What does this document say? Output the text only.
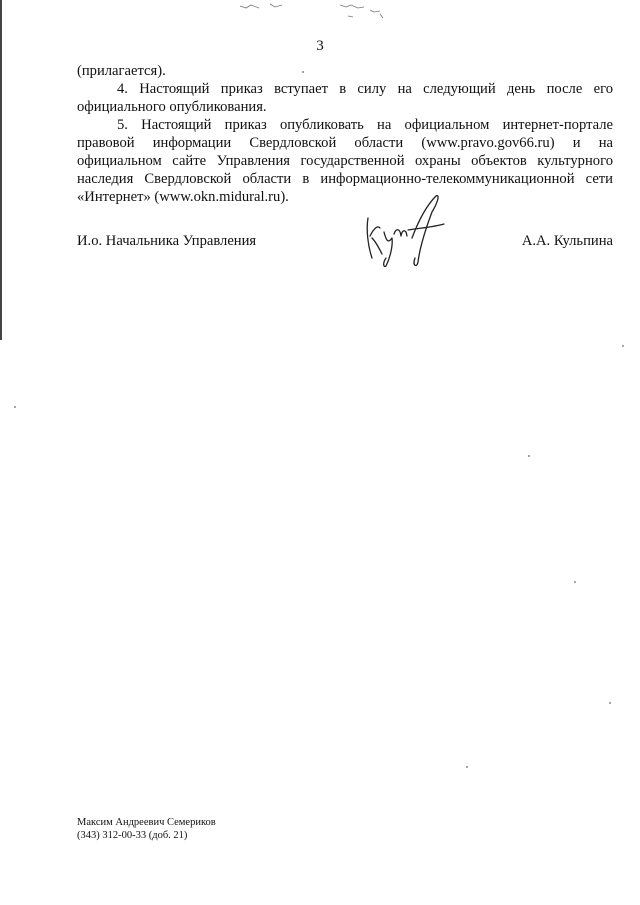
3

(прилагается).

4. Настоящий приказ вступает в силу на следующий день после его официального опубликования.

5. Настоящий приказ опубликовать на официальном интернет-портале правовой информации Свердловской области (www.pravo.gov66.ru) и на официальном сайте Управления государственной охраны объектов культурного наследия Свердловской области в информационно-телекоммуникационной сети «Интернет» (www.okn.midural.ru).

И.о. Начальника Управления	А.А. Кульпина
Максим Андреевич Семериков
(343) 312-00-33 (доб. 21)
